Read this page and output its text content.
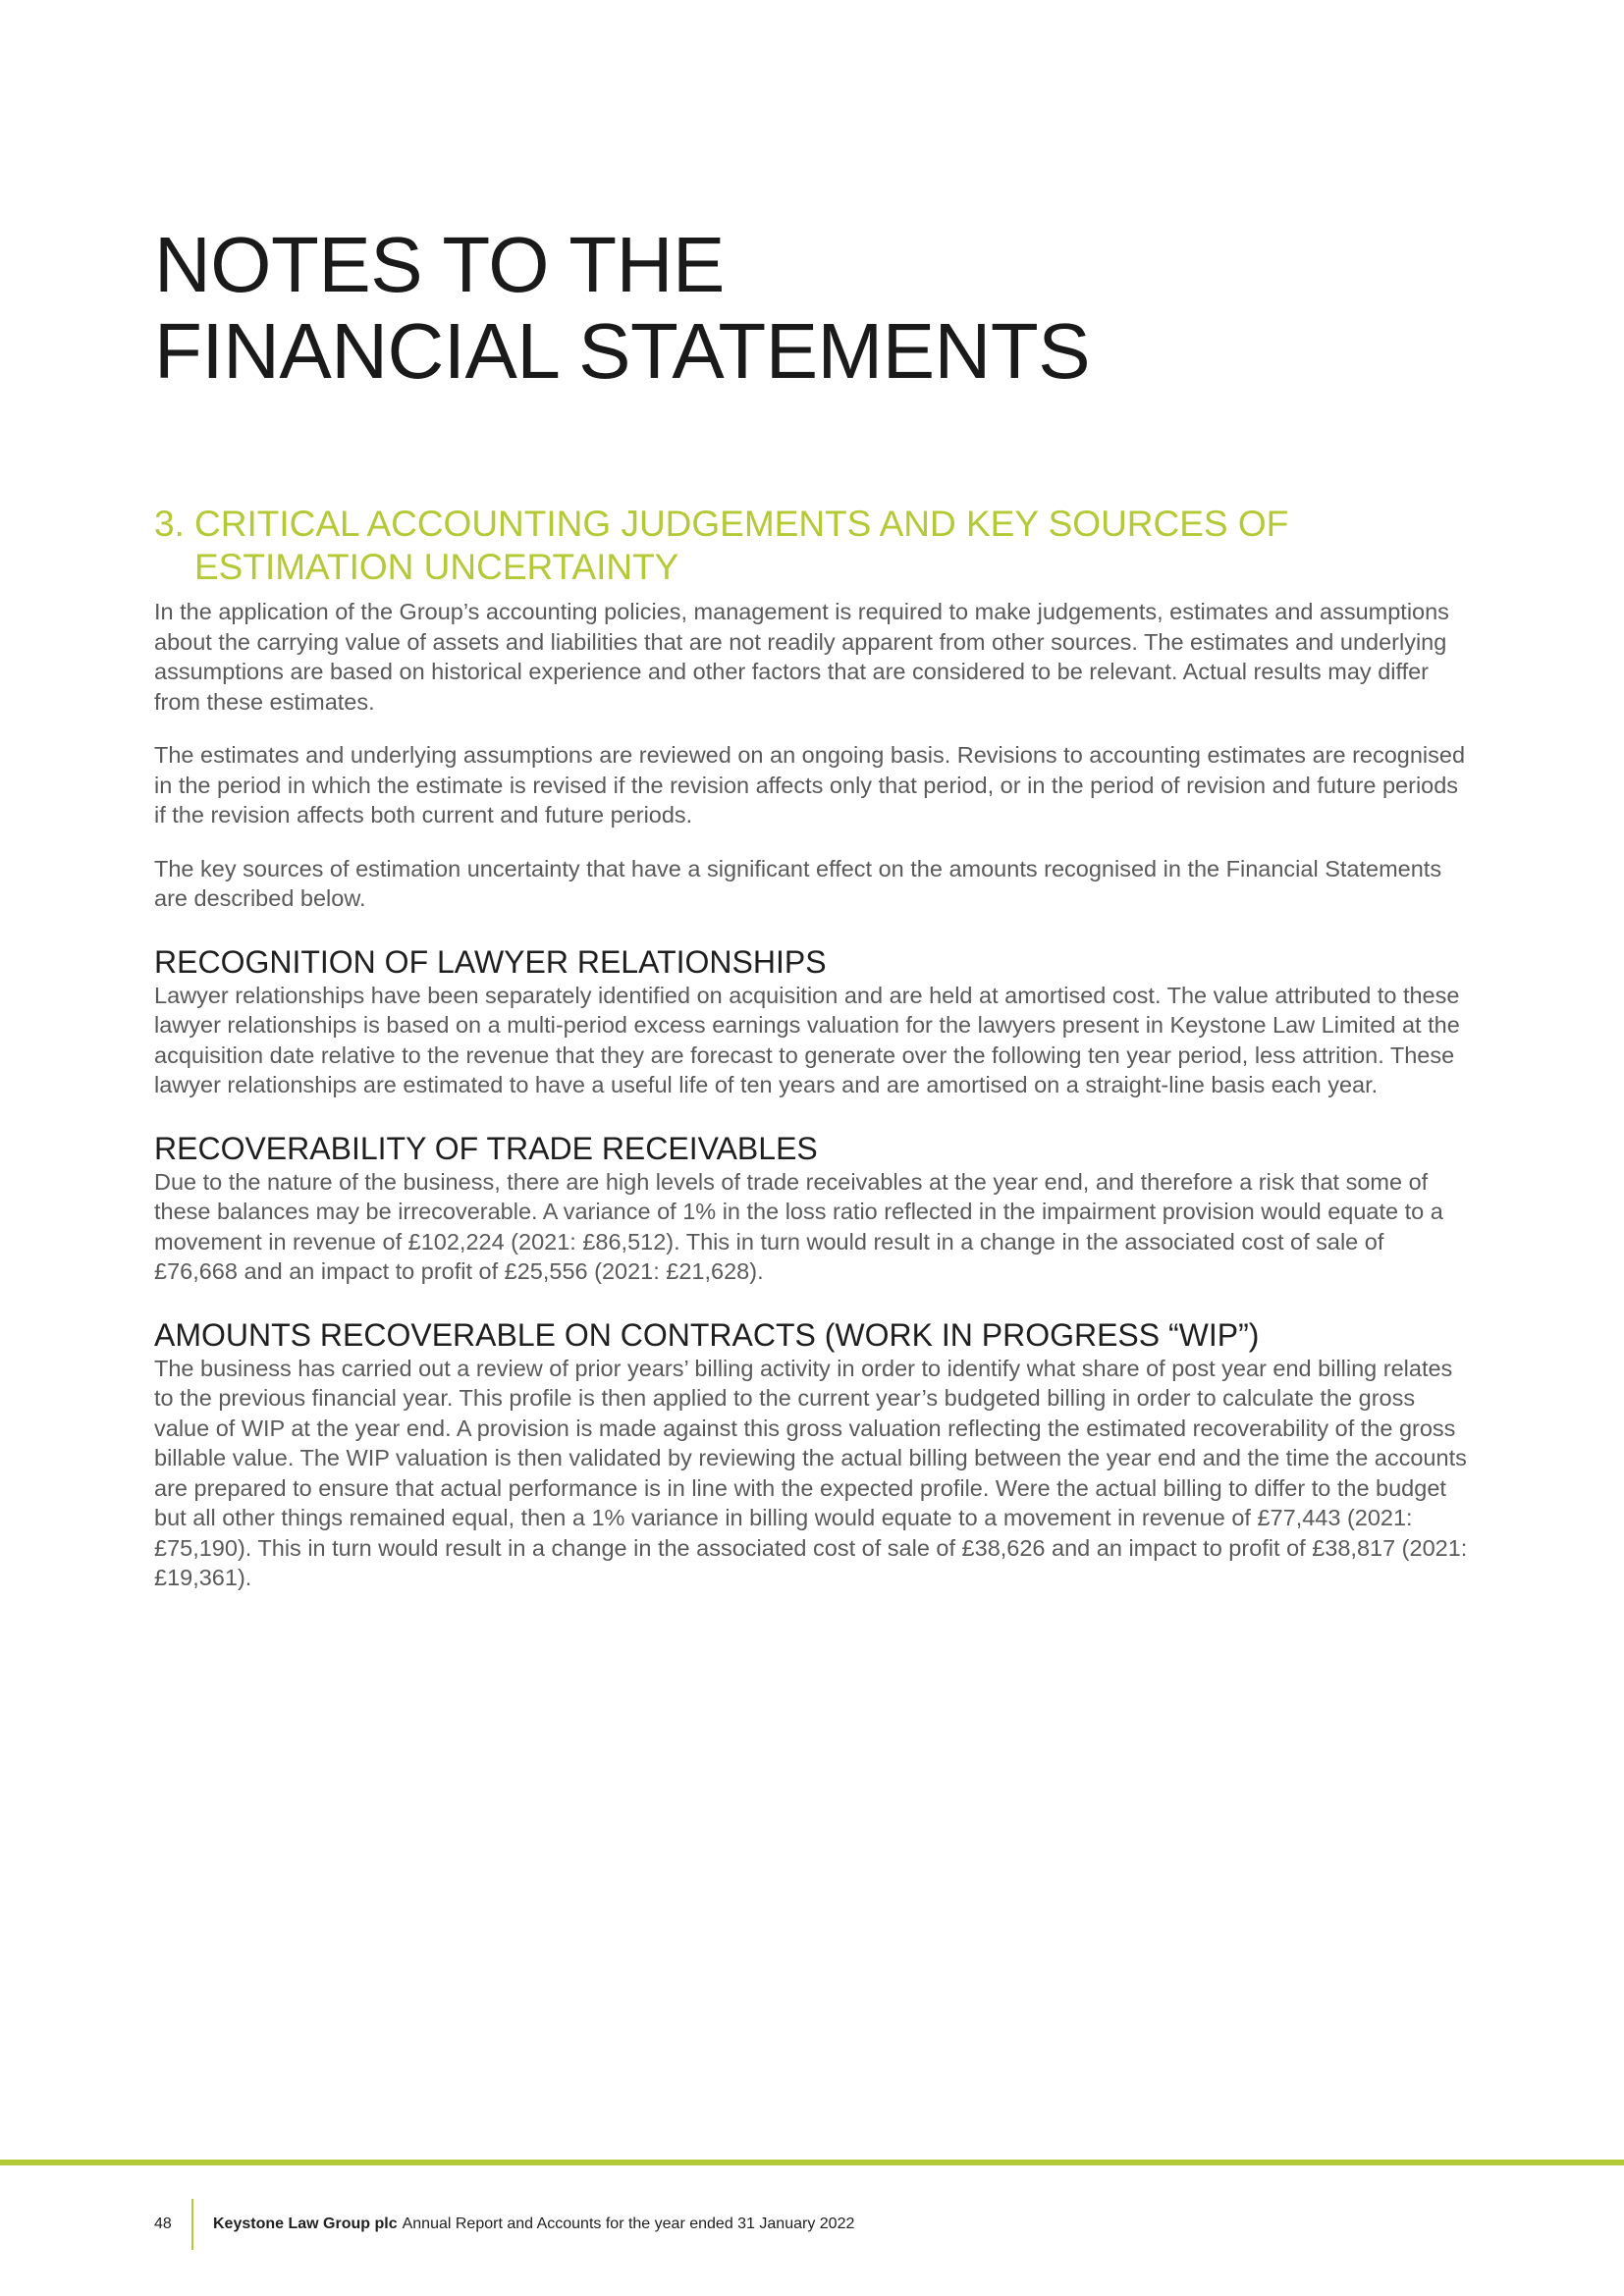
NOTES TO THE
FINANCIAL STATEMENTS
3. CRITICAL ACCOUNTING JUDGEMENTS AND KEY SOURCES OF ESTIMATION UNCERTAINTY

In the application of the Group’s accounting policies, management is required to make judgements, estimates and assumptions about the carrying value of assets and liabilities that are not readily apparent from other sources. The estimates and underlying assumptions are based on historical experience and other factors that are considered to be relevant. Actual results may differ from these estimates.

The estimates and underlying assumptions are reviewed on an ongoing basis. Revisions to accounting estimates are recognised in the period in which the estimate is revised if the revision affects only that period, or in the period of revision and future periods if the revision affects both current and future periods.

The key sources of estimation uncertainty that have a significant effect on the amounts recognised in the Financial Statements are described below.

RECOGNITION OF LAWYER RELATIONSHIPS

Lawyer relationships have been separately identified on acquisition and are held at amortised cost. The value attributed to these lawyer relationships is based on a multi-period excess earnings valuation for the lawyers present in Keystone Law Limited at the acquisition date relative to the revenue that they are forecast to generate over the following ten year period, less attrition. These lawyer relationships are estimated to have a useful life of ten years and are amortised on a straight-line basis each year.

RECOVERABILITY OF TRADE RECEIVABLES

Due to the nature of the business, there are high levels of trade receivables at the year end, and therefore a risk that some of these balances may be irrecoverable. A variance of 1% in the loss ratio reflected in the impairment provision would equate to a movement in revenue of £102,224 (2021: £86,512). This in turn would result in a change in the associated cost of sale of £76,668 and an impact to profit of £25,556 (2021: £21,628).

AMOUNTS RECOVERABLE ON CONTRACTS (WORK IN PROGRESS “WIP”)

The business has carried out a review of prior years’ billing activity in order to identify what share of post year end billing relates to the previous financial year. This profile is then applied to the current year’s budgeted billing in order to calculate the gross value of WIP at the year end. A provision is made against this gross valuation reflecting the estimated recoverability of the gross billable value. The WIP valuation is then validated by reviewing the actual billing between the year end and the time the accounts are prepared to ensure that actual performance is in line with the expected profile. Were the actual billing to differ to the budget but all other things remained equal, then a 1% variance in billing would equate to a movement in revenue of £77,443 (2021: £75,190). This in turn would result in a change in the associated cost of sale of £38,626 and an impact to profit of £38,817 (2021: £19,361).

48	Keystone Law Group plc Annual Report and Accounts for the year ended 31 January 2022
